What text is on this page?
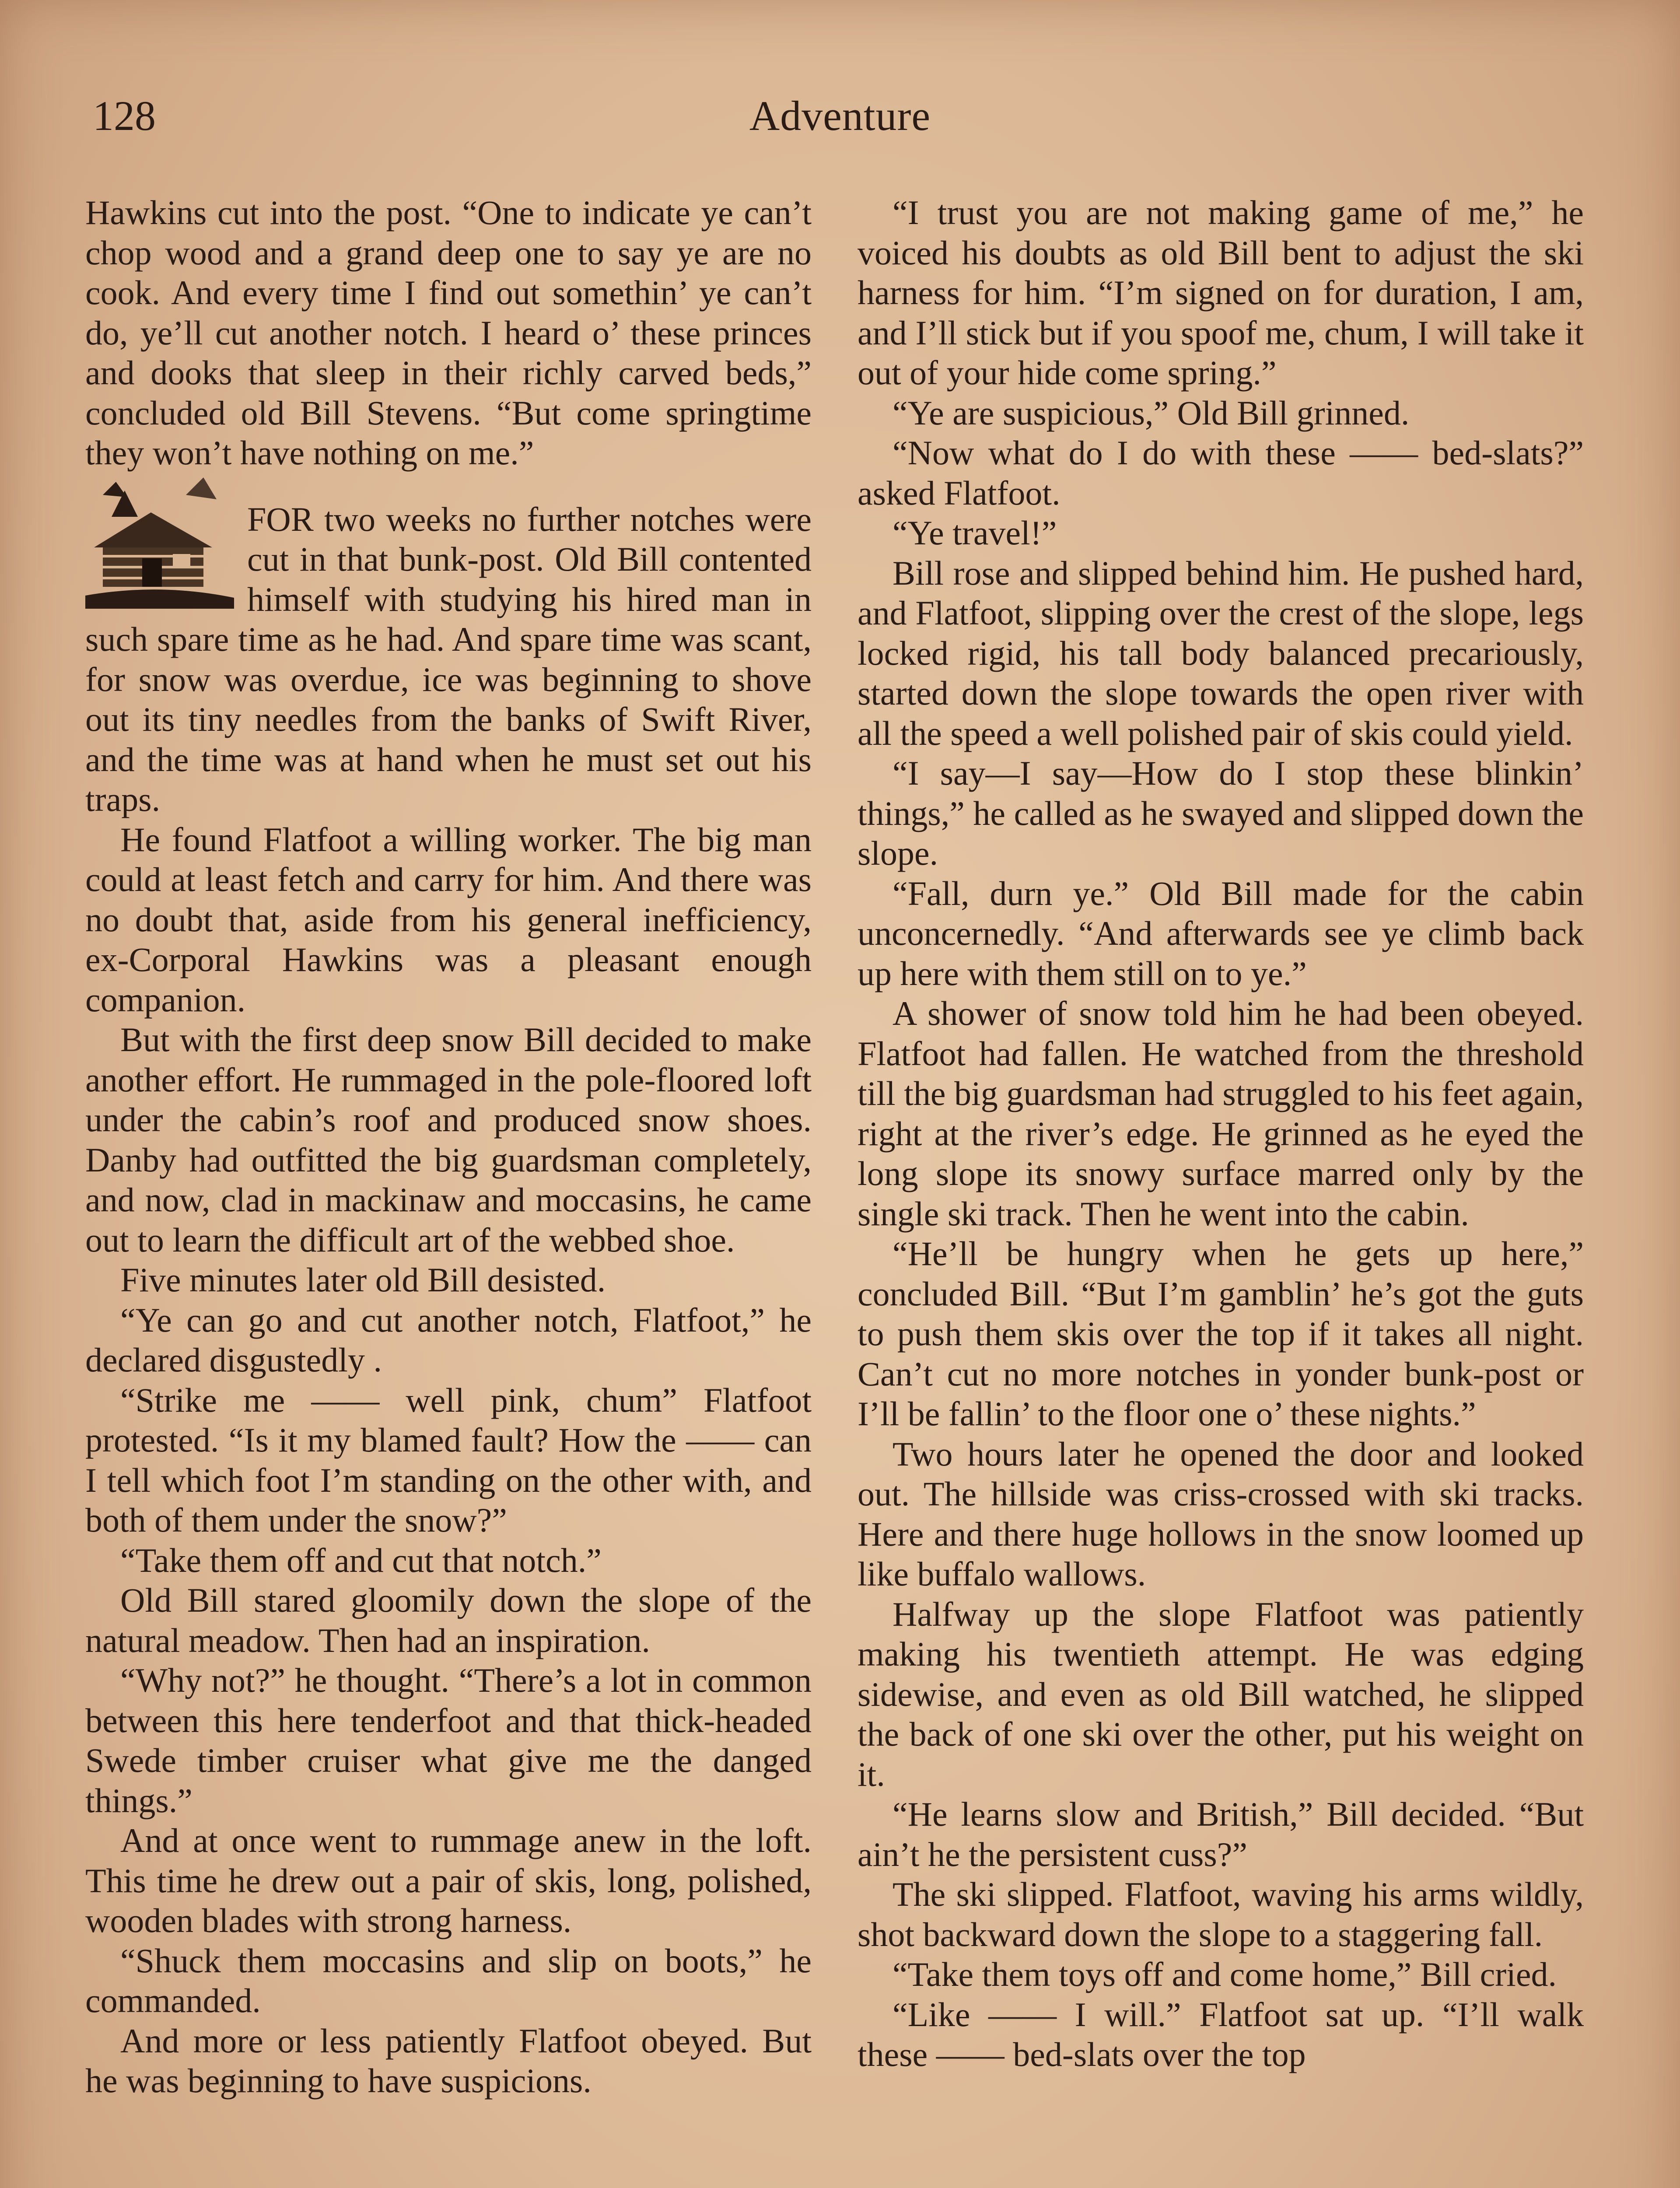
128	Adventure

Hawkins cut into the post. “One to indicate ye can’t chop wood and a grand deep one to say ye are no cook. And every time I find out somethin’ ye can’t do, ye’ll cut another notch. I heard o’ these princes and dooks that sleep in their richly carved beds,” concluded old Bill Stevens. “But come springtime they won’t have nothing on me.”

FOR two weeks no further notches were cut in that bunk-post. Old Bill contented himself with studying his hired man in such spare time as he had. And spare time was scant, for snow was overdue, ice was beginning to shove out its tiny needles from the banks of Swift River, and the time was at hand when he must set out his traps.

He found Flatfoot a willing worker. The big man could at least fetch and carry for him. And there was no doubt that, aside from his general inefficiency, ex-Corporal Hawkins was a pleasant enough companion.

But with the first deep snow Bill decided to make another effort. He rummaged in the pole-floored loft under the cabin’s roof and produced snow shoes. Danby had outfitted the big guardsman completely, and now, clad in mackinaw and moccasins, he came out to learn the difficult art of the webbed shoe.

Five minutes later old Bill desisted.

“Ye can go and cut another notch, Flatfoot,” he declared disgustedly .

“Strike me —— well pink, chum” Flatfoot protested. “Is it my blamed fault? How the —— can I tell which foot I’m standing on the other with, and both of them under the snow?”

“Take them off and cut that notch.”

Old Bill stared gloomily down the slope of the natural meadow. Then had an inspiration.

“Why not?” he thought. “There’s a lot in common between this here tenderfoot and that thick-headed Swede timber cruiser what give me the danged things.”

And at once went to rummage anew in the loft. This time he drew out a pair of skis, long, polished, wooden blades with strong harness.

“Shuck them moccasins and slip on boots,” he commanded.

And more or less patiently Flatfoot obeyed. But he was beginning to have suspicions.

“I trust you are not making game of me,” he voiced his doubts as old Bill bent to adjust the ski harness for him. “I’m signed on for duration, I am, and I’ll stick but if you spoof me, chum, I will take it out of your hide come spring.”

“Ye are suspicious,” Old Bill grinned.

“Now what do I do with these —— bed-slats?” asked Flatfoot.

“Ye travel!”

Bill rose and slipped behind him. He pushed hard, and Flatfoot, slipping over the crest of the slope, legs locked rigid, his tall body balanced precariously, started down the slope towards the open river with all the speed a well polished pair of skis could yield.

“I say—I say—How do I stop these blinkin’ things,” he called as he swayed and slipped down the slope.

“Fall, durn ye.” Old Bill made for the cabin unconcernedly. “And afterwards see ye climb back up here with them still on to ye.”

A shower of snow told him he had been obeyed. Flatfoot had fallen. He watched from the threshold till the big guardsman had struggled to his feet again, right at the river’s edge. He grinned as he eyed the long slope its snowy surface marred only by the single ski track. Then he went into the cabin.

“He’ll be hungry when he gets up here,” concluded Bill. “But I’m gamblin’ he’s got the guts to push them skis over the top if it takes all night. Can’t cut no more notches in yonder bunk-post or I’ll be fallin’ to the floor one o’ these nights.”

Two hours later he opened the door and looked out. The hillside was criss-crossed with ski tracks. Here and there huge hollows in the snow loomed up like buffalo wallows.

Halfway up the slope Flatfoot was patiently making his twentieth attempt. He was edging sidewise, and even as old Bill watched, he slipped the back of one ski over the other, put his weight on it.

“He learns slow and British,” Bill decided. “But ain’t he the persistent cuss?”

The ski slipped. Flatfoot, waving his arms wildly, shot backward down the slope to a staggering fall.

“Take them toys off and come home,” Bill cried.

“Like —— I will.” Flatfoot sat up. “I’ll walk these —— bed-slats over the top
